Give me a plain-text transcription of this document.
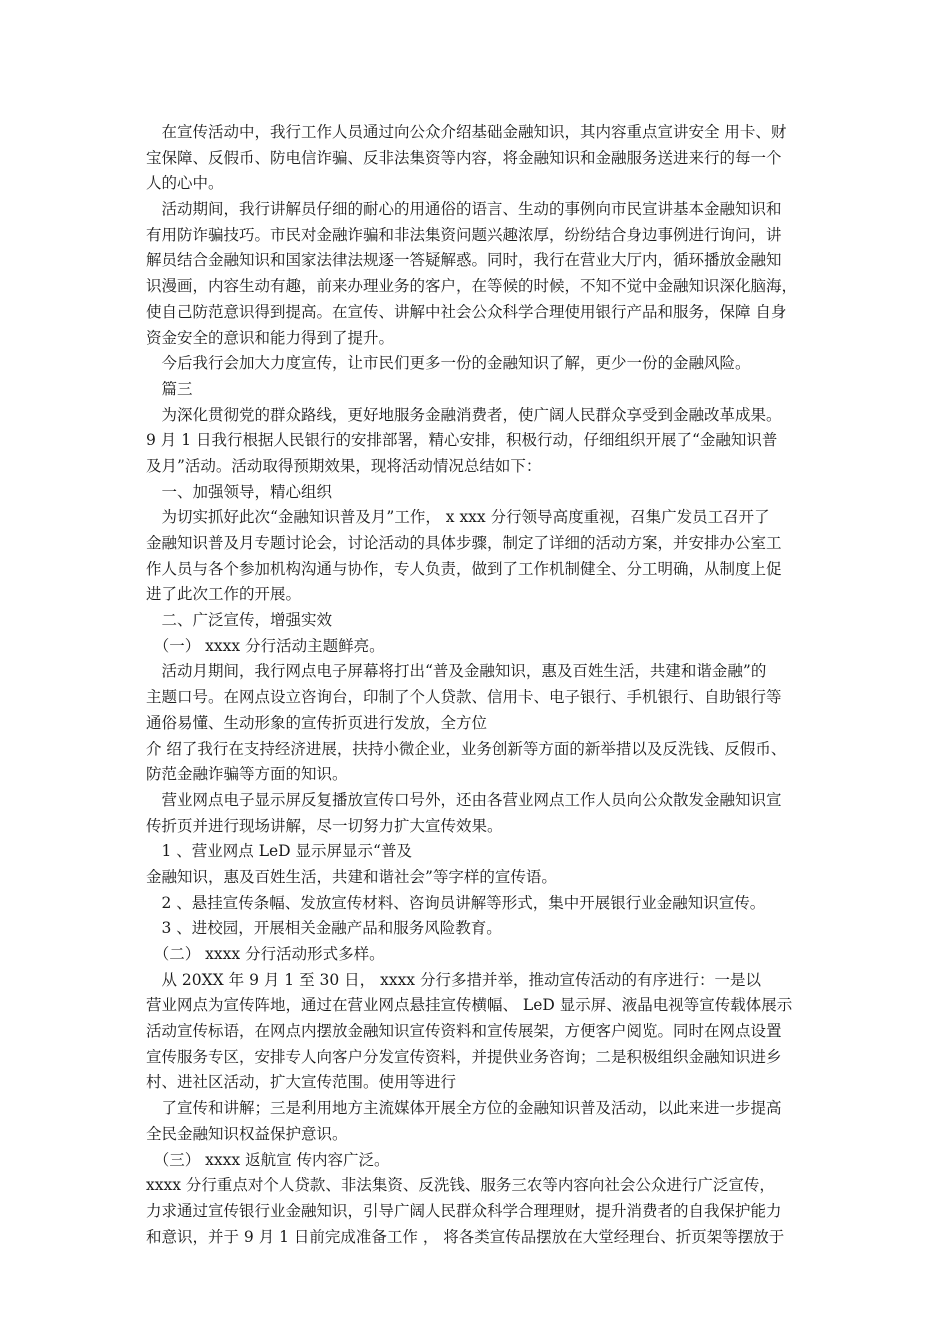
　在宣传活动中，我行工作人员通过向公众介绍基础金融知识，其内容重点宣讲安全 用卡、财
宝保障、反假币、防电信诈骗、反非法集资等内容，将金融知识和金融服务送进来行的每一个
人的心中。
　活动期间，我行讲解员仔细的耐心的用通俗的语言、生动的事例向市民宣讲基本金融知识和
有用防诈骗技巧。市民对金融诈骗和非法集资问题兴趣浓厚，纷纷结合身边事例进行询问，讲
解员结合金融知识和国家法律法规逐一答疑解惑。同时，我行在营业大厅内，循环播放金融知
识漫画，内容生动有趣，前来办理业务的客户，在等候的时候，不知不觉中金融知识深化脑海，
使自己防范意识得到提高。在宣传、讲解中社会公众科学合理使用银行产品和服务，保障 自身
资金安全的意识和能力得到了提升。
　今后我行会加大力度宣传，让市民们更多一份的金融知识了解，更少一份的金融风险。
　篇三
　为深化贯彻党的群众路线，更好地服务金融消费者，使广阔人民群众享受到金融改革成果。
9 月 1 日我行根据人民银行的安排部署，精心安排，积极行动，仔细组织开展了“金融知识普
及月”活动。活动取得预期效果，现将活动情况总结如下：
　一、加强领导，精心组织
　为切实抓好此次“金融知识普及月”工作， x xxx 分行领导高度重视，召集广发员工召开了
金融知识普及月专题讨论会，讨论活动的具体步骤，制定了详细的活动方案，并安排办公室工
作人员与各个参加机构沟通与协作，专人负责，做到了工作机制健全、分工明确，从制度上促
进了此次工作的开展。
　二、广泛宣传，增强实效
　（一） xxxx 分行活动主题鲜亮。
　活动月期间，我行网点电子屏幕将打出“普及金融知识，惠及百姓生活，共建和谐金融”的
主题口号。在网点设立咨询台，印制了个人贷款、信用卡、电子银行、手机银行、自助银行等
通俗易懂、生动形象的宣传折页进行发放，全方位
介 绍了我行在支持经济进展，扶持小微企业，业务创新等方面的新举措以及反洗钱、反假币、
防范金融诈骗等方面的知识。
　营业网点电子显示屏反复播放宣传口号外，还由各营业网点工作人员向公众散发金融知识宣
传折页并进行现场讲解，尽一切努力扩大宣传效果。
　1 、营业网点 LeD 显示屏显示“普及
金融知识，惠及百姓生活，共建和谐社会”等字样的宣传语。
　2 、悬挂宣传条幅、发放宣传材料、咨询员讲解等形式，集中开展银行业金融知识宣传。
　3 、进校园，开展相关金融产品和服务风险教育。
　（二） xxxx 分行活动形式多样。
　从 20XX 年 9 月 1 至 30 日， xxxx 分行多措并举，推动宣传活动的有序进行：一是以
营业网点为宣传阵地，通过在营业网点悬挂宣传横幅、 LeD 显示屏、液晶电视等宣传载体展示
活动宣传标语，在网点内摆放金融知识宣传资料和宣传展架，方便客户阅览。同时在网点设置
宣传服务专区，安排专人向客户分发宣传资料，并提供业务咨询；二是积极组织金融知识进乡
村、进社区活动，扩大宣传范围。使用等进行
　了宣传和讲解；三是利用地方主流媒体开展全方位的金融知识普及活动，以此来进一步提高
全民金融知识权益保护意识。
　（三） xxxx 返航宣 传内容广泛。
xxxx 分行重点对个人贷款、非法集资、反洗钱、服务三农等内容向社会公众进行广泛宣传，
力求通过宣传银行业金融知识，引导广阔人民群众科学合理理财，提升消费者的自我保护能力
和意识，并于 9 月 1 日前完成准备工作 ， 将各类宣传品摆放在大堂经理台、折页架等摆放于
